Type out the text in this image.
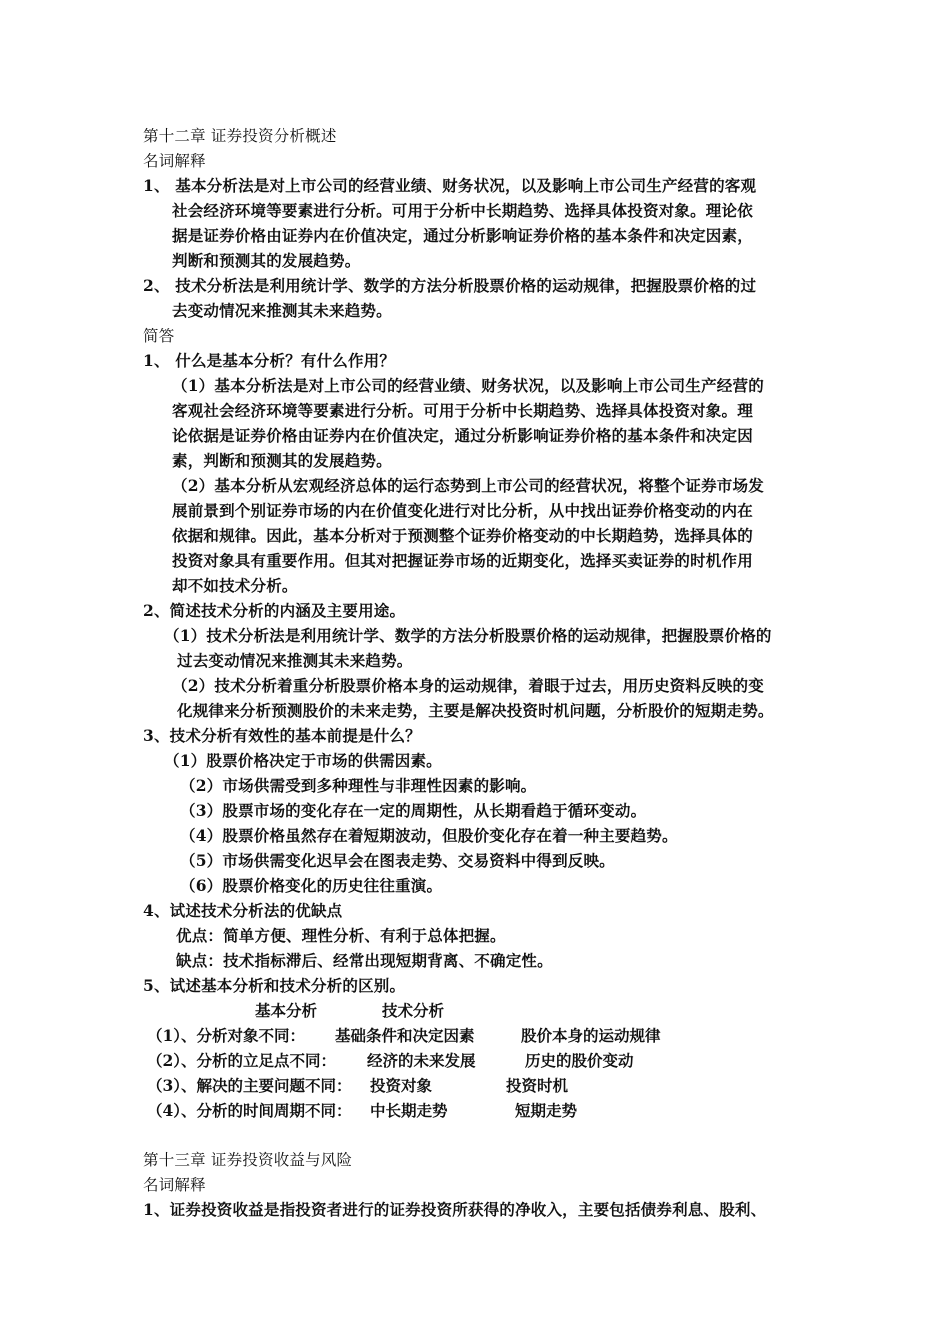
第十二章 证券投资分析概述
名词解释
1、 基本分析法是对上市公司的经营业绩、财务状况，以及影响上市公司生产经营的客观
社会经济环境等要素进行分析。可用于分析中长期趋势、选择具体投资对象。理论依
据是证券价格由证券内在价值决定，通过分析影响证券价格的基本条件和决定因素，
判断和预测其的发展趋势。
2、 技术分析法是利用统计学、数学的方法分析股票价格的运动规律，把握股票价格的过
去变动情况来推测其未来趋势。
简答
1、 什么是基本分析？有什么作用？
（1）基本分析法是对上市公司的经营业绩、财务状况，以及影响上市公司生产经营的
客观社会经济环境等要素进行分析。可用于分析中长期趋势、选择具体投资对象。理
论依据是证券价格由证券内在价值决定，通过分析影响证券价格的基本条件和决定因
素，判断和预测其的发展趋势。
（2）基本分析从宏观经济总体的运行态势到上市公司的经营状况，将整个证券市场发
展前景到个别证券市场的内在价值变化进行对比分析，从中找出证券价格变动的内在
依据和规律。因此，基本分析对于预测整个证券价格变动的中长期趋势，选择具体的
投资对象具有重要作用。但其对把握证券市场的近期变化，选择买卖证券的时机作用
却不如技术分析。
2、简述技术分析的内涵及主要用途。
（1）技术分析法是利用统计学、数学的方法分析股票价格的运动规律，把握股票价格的
过去变动情况来推测其未来趋势。
（2）技术分析着重分析股票价格本身的运动规律，着眼于过去，用历史资料反映的变
化规律来分析预测股价的未来走势，主要是解决投资时机问题，分析股价的短期走势。
3、技术分析有效性的基本前提是什么？
（1）股票价格决定于市场的供需因素。
（2）市场供需受到多种理性与非理性因素的影响。
（3）股票市场的变化存在一定的周期性，从长期看趋于循环变动。
（4）股票价格虽然存在着短期波动，但股价变化存在着一种主要趋势。
（5）市场供需变化迟早会在图表走势、交易资料中得到反映。
（6）股票价格变化的历史往往重演。
4、试述技术分析法的优缺点
优点：简单方便、理性分析、有利于总体把握。
缺点：技术指标滞后、经常出现短期背离、不确定性。
5、试述基本分析和技术分析的区别。
基本分析	技术分析
（1）、分析对象不同： 基础条件和决定因素	股价本身的运动规律
（2）、分析的立足点不同： 经济的未来发展	历史的股价变动
（3）、解决的主要问题不同： 投资对象	投资时机
（4）、分析的时间周期不同： 中长期走势	短期走势
第十三章 证券投资收益与风险
名词解释
1、证券投资收益是指投资者进行的证券投资所获得的净收入，主要包括债券利息、股利、
